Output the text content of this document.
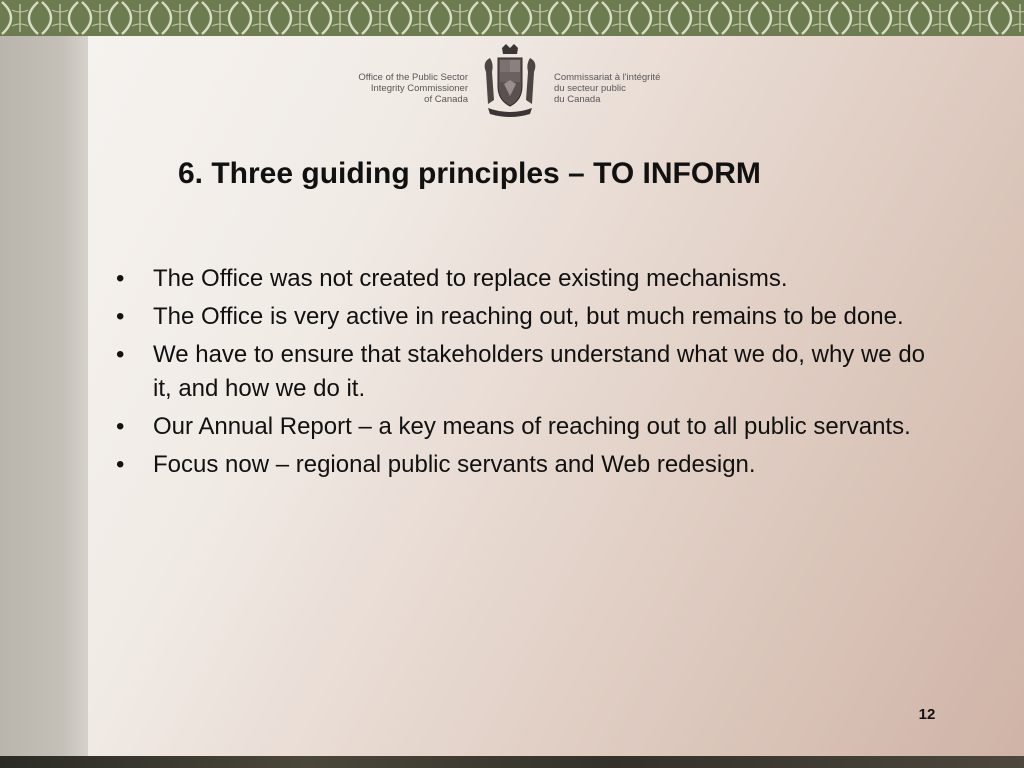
Office of the Public Sector
Integrity Commissioner
of Canada
Commissariat à l'intégrité
du secteur public
du Canada
6. Three guiding principles – TO INFORM
• The Office was not created to replace existing mechanisms.
• The Office is very active in reaching out, but much remains to be done.
• We have to ensure that stakeholders understand what we do, why we do it, and how we do it.
• Our Annual Report – a key means of reaching out to all public servants.
• Focus now – regional public servants and Web redesign.
12
